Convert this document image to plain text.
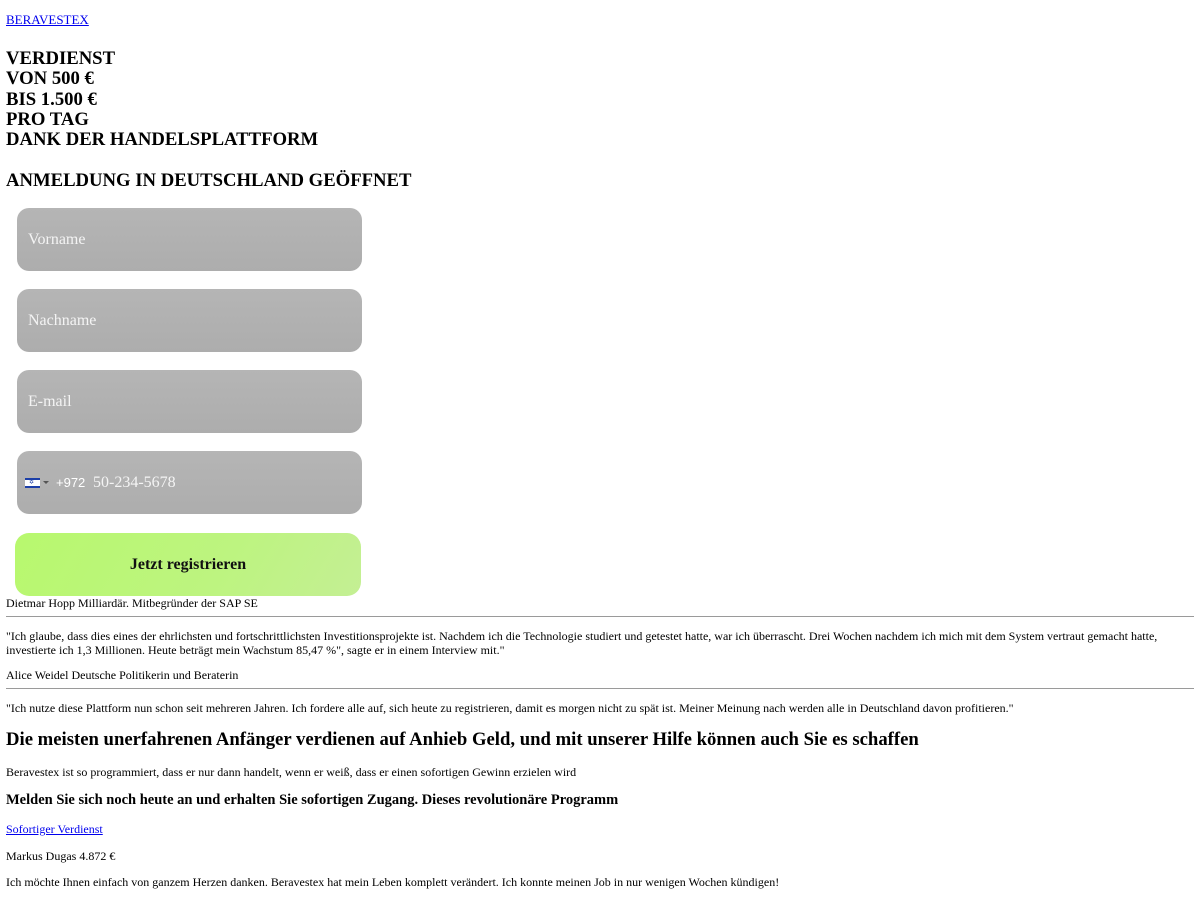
BERAVESTEX
VERDIENST
VON 500 €
BIS 1.500 €
PRO TAG
DANK DER HANDELSPLATTFORM
ANMELDUNG IN DEUTSCHLAND GEÖFFNET
Vorname
Nachname
E-mail
✡ +972
50-234-5678
Jetzt registrieren

Dietmar Hopp Milliardär. Mitbegründer der SAP SE

"Ich glaube, dass dies eines der ehrlichsten und fortschrittlichsten Investitionsprojekte ist. Nachdem ich die Technologie studiert und getestet hatte, war ich überrascht. Drei Wochen nachdem ich mich mit dem System vertraut gemacht hatte, investierte ich 1,3 Millionen. Heute beträgt mein Wachstum 85,47 %", sagte er in einem Interview mit."

Alice Weidel Deutsche Politikerin und Beraterin

"Ich nutze diese Plattform nun schon seit mehreren Jahren. Ich fordere alle auf, sich heute zu registrieren, damit es morgen nicht zu spät ist. Meiner Meinung nach werden alle in Deutschland davon profitieren."

Die meisten unerfahrenen Anfänger verdienen auf Anhieb Geld, und mit unserer Hilfe können auch Sie es schaffen

Beravestex ist so programmiert, dass er nur dann handelt, wenn er weiß, dass er einen sofortigen Gewinn erzielen wird

Melden Sie sich noch heute an und erhalten Sie sofortigen Zugang. Dieses revolutionäre Programm
Sofortiger Verdienst

Markus Dugas 4.872 €

Ich möchte Ihnen einfach von ganzem Herzen danken. Beravestex hat mein Leben komplett verändert. Ich konnte meinen Job in nur wenigen Wochen kündigen!
